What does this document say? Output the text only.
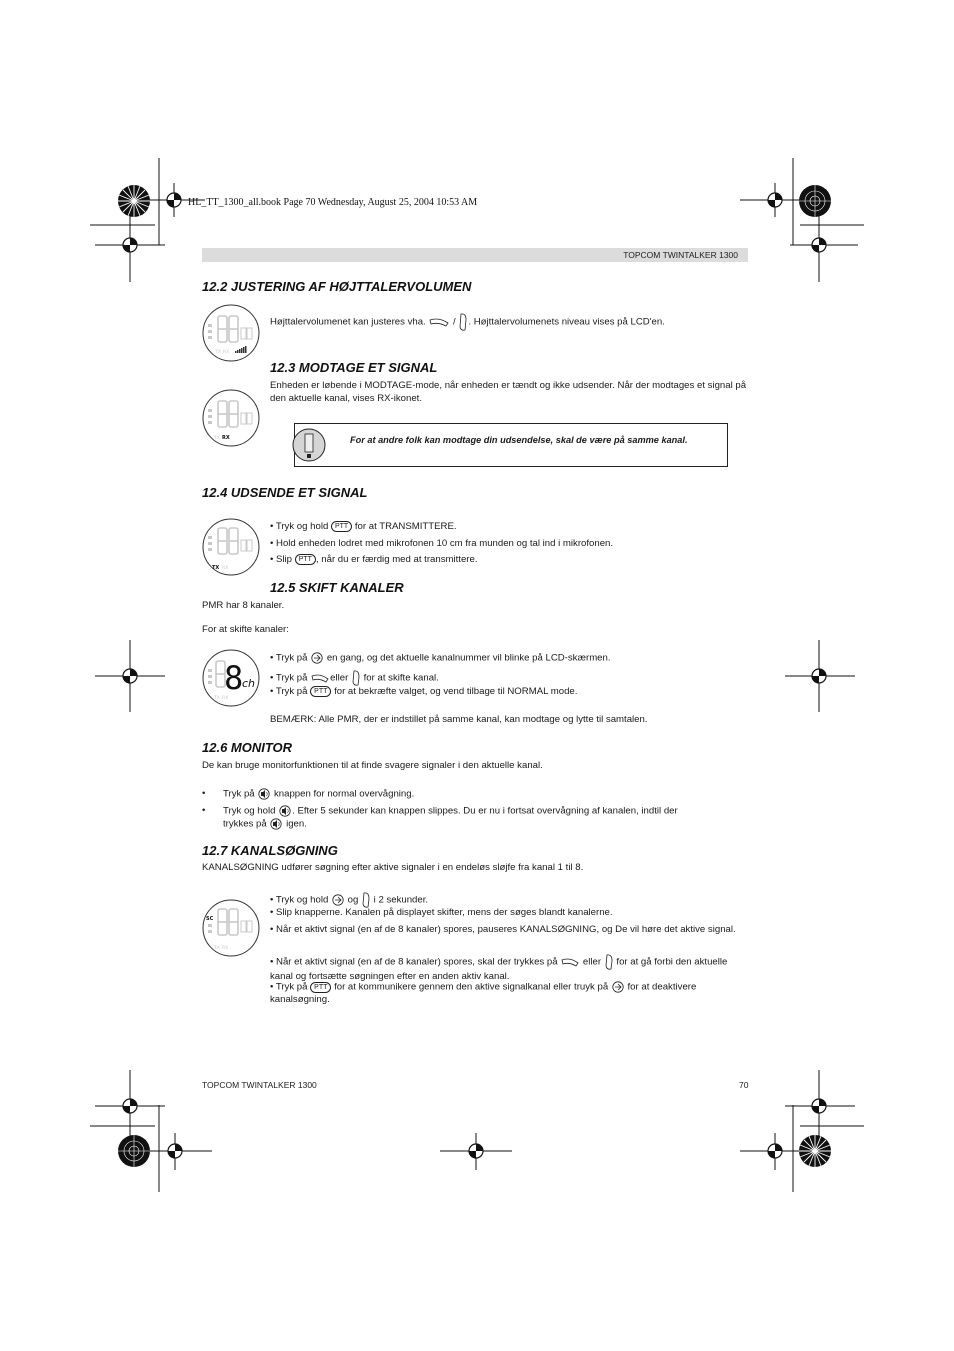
HL_TT_1300_all.book Page 70 Wednesday, August 25, 2004 10:53 AM
TOPCOM TWINTALKER 1300
12.2 JUSTERING AF HØJTTALERVOLUMEN
TX RX
Højttalervolumenet kan justeres vha.	/ . Højttalervolumenets niveau vises på LCD'en.
12.3 MODTAGE ET SIGNAL
Enheden er løbende i MODTAGE-mode, når enheden er tændt og ikke udsender. Når der modtages et signal på den aktuelle kanal, vises RX-ikonet.
TX RX	For at andre folk kan modtage din udsendelse, skal de være på samme kanal.
12.4 UDSENDE ET SIGNAL
TX RX
• Tryk og hold PTT for at TRANSMITTERE.
• Hold enheden lodret med mikrofonen 10 cm fra munden og tal ind i mikrofonen.
• Slip PTT , når du er færdig med at transmittere.
12.5 SKIFT KANALER
PMR har 8 kanaler.
For at skifte kanaler:
8
ch
TX RX
• Tryk på en gang, og det aktuelle kanalnummer vil blinke på LCD-skærmen.
• Tryk på eller for at skifte kanal.
• Tryk på PTT for at bekræfte valget, og vend tilbage til NORMAL mode.
BEMÆRK: Alle PMR, der er indstillet på samme kanal, kan modtage og lytte til samtalen.
12.6 MONITOR
De kan bruge monitorfunktionen til at finde svagere signaler i den aktuelle kanal.
• Tryk på knappen for normal overvågning.
• Tryk og hold . Efter 5 sekunder kan knappen slippes. Du er nu i fortsat overvågning af kanalen, indtil der
trykkes på igen.
12.7 KANALSØGNING
KANALSØGNING udfører søgning efter aktive signaler i en endeløs sløjfe fra kanal 1 til 8.
SC
TX RX
• Tryk og hold og i 2 sekunder.
• Slip knapperne. Kanalen på displayet skifter, mens der søges blandt kanalerne.
• Når et aktivt signal (en af de 8 kanaler) spores, pauseres KANALSØGNING, og De vil høre det aktive signal.
• Når et aktivt signal (en af de 8 kanaler) spores, skal der trykkes på	eller for at gå forbi den aktuelle kanal og fortsætte søgningen efter en anden aktiv kanal.
• Tryk på PTT for at kommunikere gennem den aktive signalkanal eller truyk på for at deaktivere kanalsøgning.
TOPCOM TWINTALKER 1300	70
